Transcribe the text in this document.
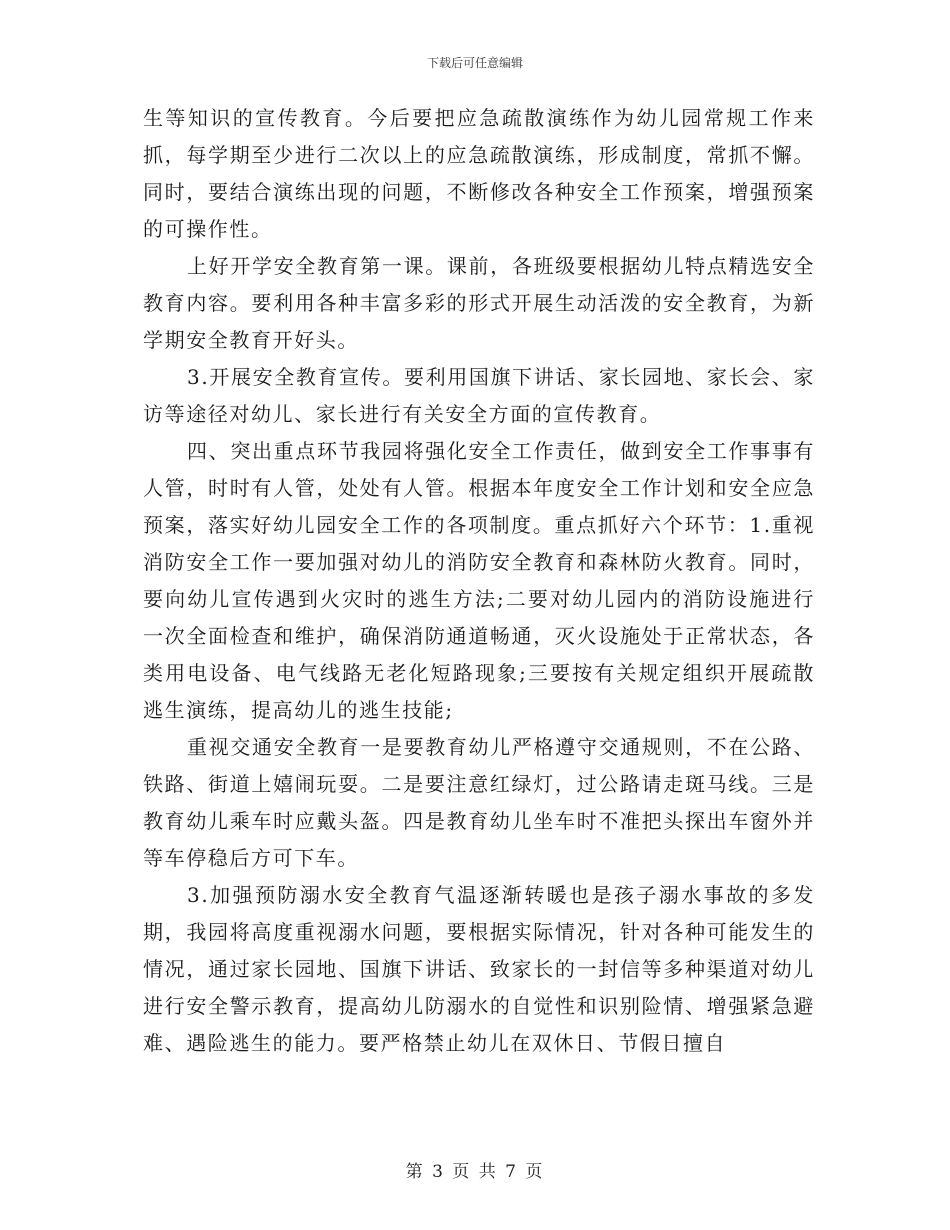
下载后可任意编辑

生等知识的宣传教育。今后要把应急疏散演练作为幼儿园常规工作来抓，每学期至少进行二次以上的应急疏散演练，形成制度，常抓不懈。同时，要结合演练出现的问题，不断修改各种安全工作预案，增强预案的可操作性。

上好开学安全教育第一课。课前，各班级要根据幼儿特点精选安全教育内容。要利用各种丰富多彩的形式开展生动活泼的安全教育，为新学期安全教育开好头。

3.开展安全教育宣传。要利用国旗下讲话、家长园地、家长会、家访等途径对幼儿、家长进行有关安全方面的宣传教育。

四、突出重点环节我园将强化安全工作责任，做到安全工作事事有人管，时时有人管，处处有人管。根据本年度安全工作计划和安全应急预案，落实好幼儿园安全工作的各项制度。重点抓好六个环节：1.重视消防安全工作一要加强对幼儿的消防安全教育和森林防火教育。同时，要向幼儿宣传遇到火灾时的逃生方法;二要对幼儿园内的消防设施进行一次全面检查和维护，确保消防通道畅通，灭火设施处于正常状态，各类用电设备、电气线路无老化短路现象;三要按有关规定组织开展疏散逃生演练，提高幼儿的逃生技能;

重视交通安全教育一是要教育幼儿严格遵守交通规则，不在公路、铁路、街道上嬉闹玩耍。二是要注意红绿灯，过公路请走斑马线。三是教育幼儿乘车时应戴头盔。四是教育幼儿坐车时不准把头探出车窗外并等车停稳后方可下车。

3.加强预防溺水安全教育气温逐渐转暖也是孩子溺水事故的多发期，我园将高度重视溺水问题，要根据实际情况，针对各种可能发生的情况，通过家长园地、国旗下讲话、致家长的一封信等多种渠道对幼儿进行安全警示教育，提高幼儿防溺水的自觉性和识别险情、增强紧急避难、遇险逃生的能力。要严格禁止幼儿在双休日、节假日擅自

第 3 页 共 7 页
